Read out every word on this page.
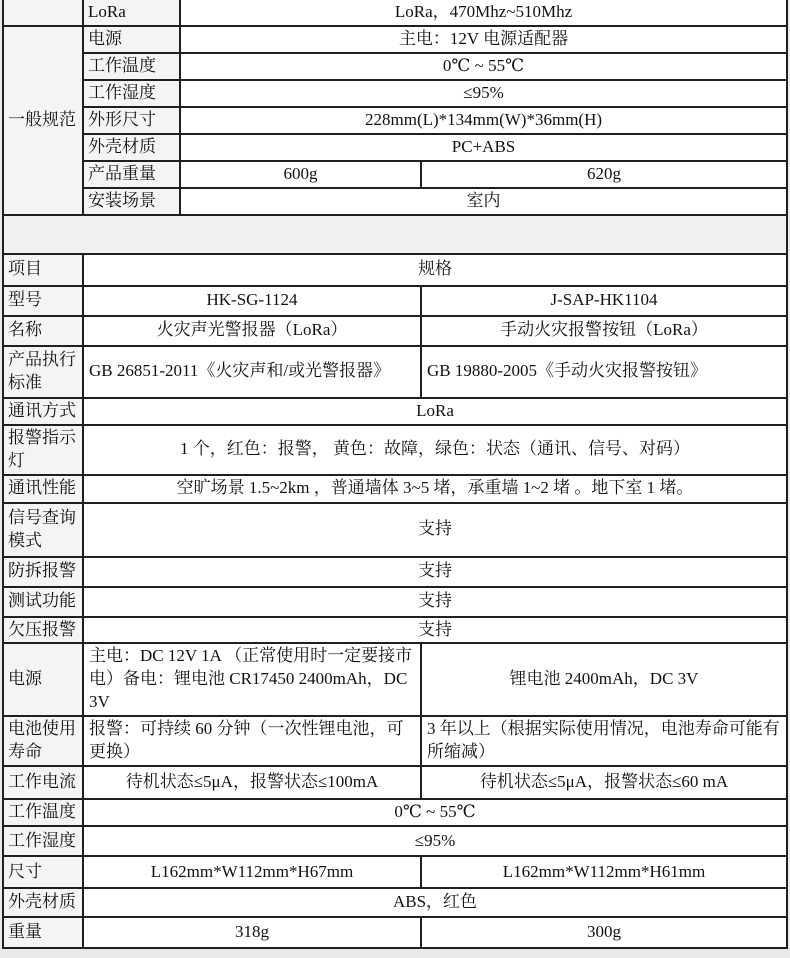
	LoRa	LoRa，470Mhz~510Mhz	
一般规范	电源	主电：12V 电源适配器	
	工作温度	0℃ ~ 55℃	
	工作湿度	≤95%	
	外形尺寸	228mm(L)*134mm(W)*36mm(H)	
	外壳材质	PC+ABS	
	产品重量	600g	620g
	安装场景	室内	

项目	规格		
型号	HK-SG-1124		J-SAP-HK1104
名称	火灾声光警报器（LoRa）		手动火灾报警按钮（LoRa）
产品执行标准	GB 26851-2011《火灾声和/或光警报器》		GB 19880-2005《手动火灾报警按钮》
通讯方式	LoRa		
报警指示灯	1 个，红色：报警， 黄色：故障，绿色：状态（通讯、信号、对码）		
通讯性能	空旷场景 1.5~2km ，普通墙体 3~5 堵，承重墙 1~2 堵 。地下室 1 堵。		
信号查询模式	支持		
防拆报警	支持		
测试功能	支持		
欠压报警	支持		
电源	主电：DC 12V 1A （正常使用时一定要接市电）备电：锂电池 CR17450 2400mAh，DC 3V		锂电池 2400mAh，DC 3V
电池使用寿命	报警：可持续 60 分钟（一次性锂电池，可更换）		3 年以上（根据实际使用情况，电池寿命可能有所缩减）
工作电流	待机状态≤5μA，报警状态≤100mA		待机状态≤5μA，报警状态≤60 mA
工作温度	0℃ ~ 55℃		
工作湿度	≤95%		
尺寸	L162mm*W112mm*H67mm		L162mm*W112mm*H61mm
外壳材质	ABS，红色		
重量	318g		300g
